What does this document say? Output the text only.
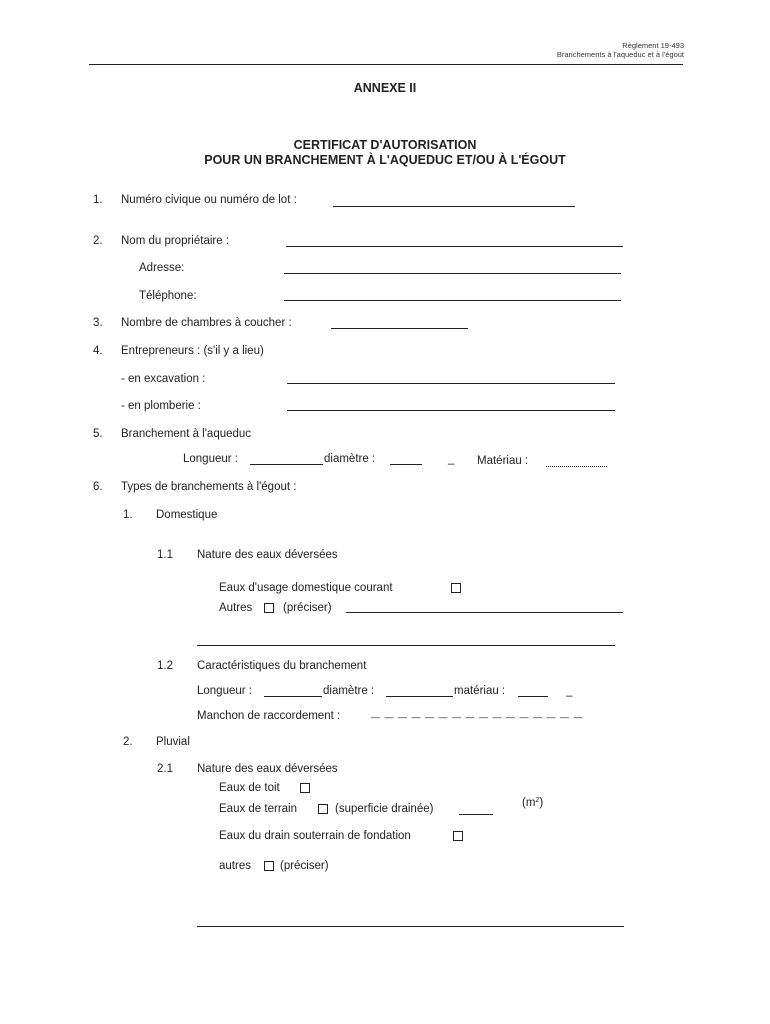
Règlement 19-493
Branchements à l'aqueduc et à l'égout
ANNEXE II
CERTIFICAT D'AUTORISATION
POUR UN BRANCHEMENT À L'AQUEDUC ET/OU À L'ÉGOUT
1. Numéro civique ou numéro de lot :
2. Nom du propriétaire :
Adresse:
Téléphone:
3. Nombre de chambres à coucher :
4. Entrepreneurs : (s'il y a lieu)
- en excavation :
- en plomberie :
5. Branchement à l'aqueduc
Longueur :	diamètre :	_ Matériau :
6. Types de branchements à l'égout :
1. Domestique
1.1 Nature des eaux déversées
Eaux d'usage domestique courant
Autres	(préciser)
1.2 Caractéristiques du branchement
Longueur :	diamètre :	matériau :	_
Manchon de raccordement :	— — — — — — — — — — — — — — — —
2. Pluvial
2.1 Nature des eaux déversées
Eaux de toit
Eaux de terrain	(superficie drainée)	$(m^2)$
Eaux du drain souterrain de fondation
autres	(préciser)
